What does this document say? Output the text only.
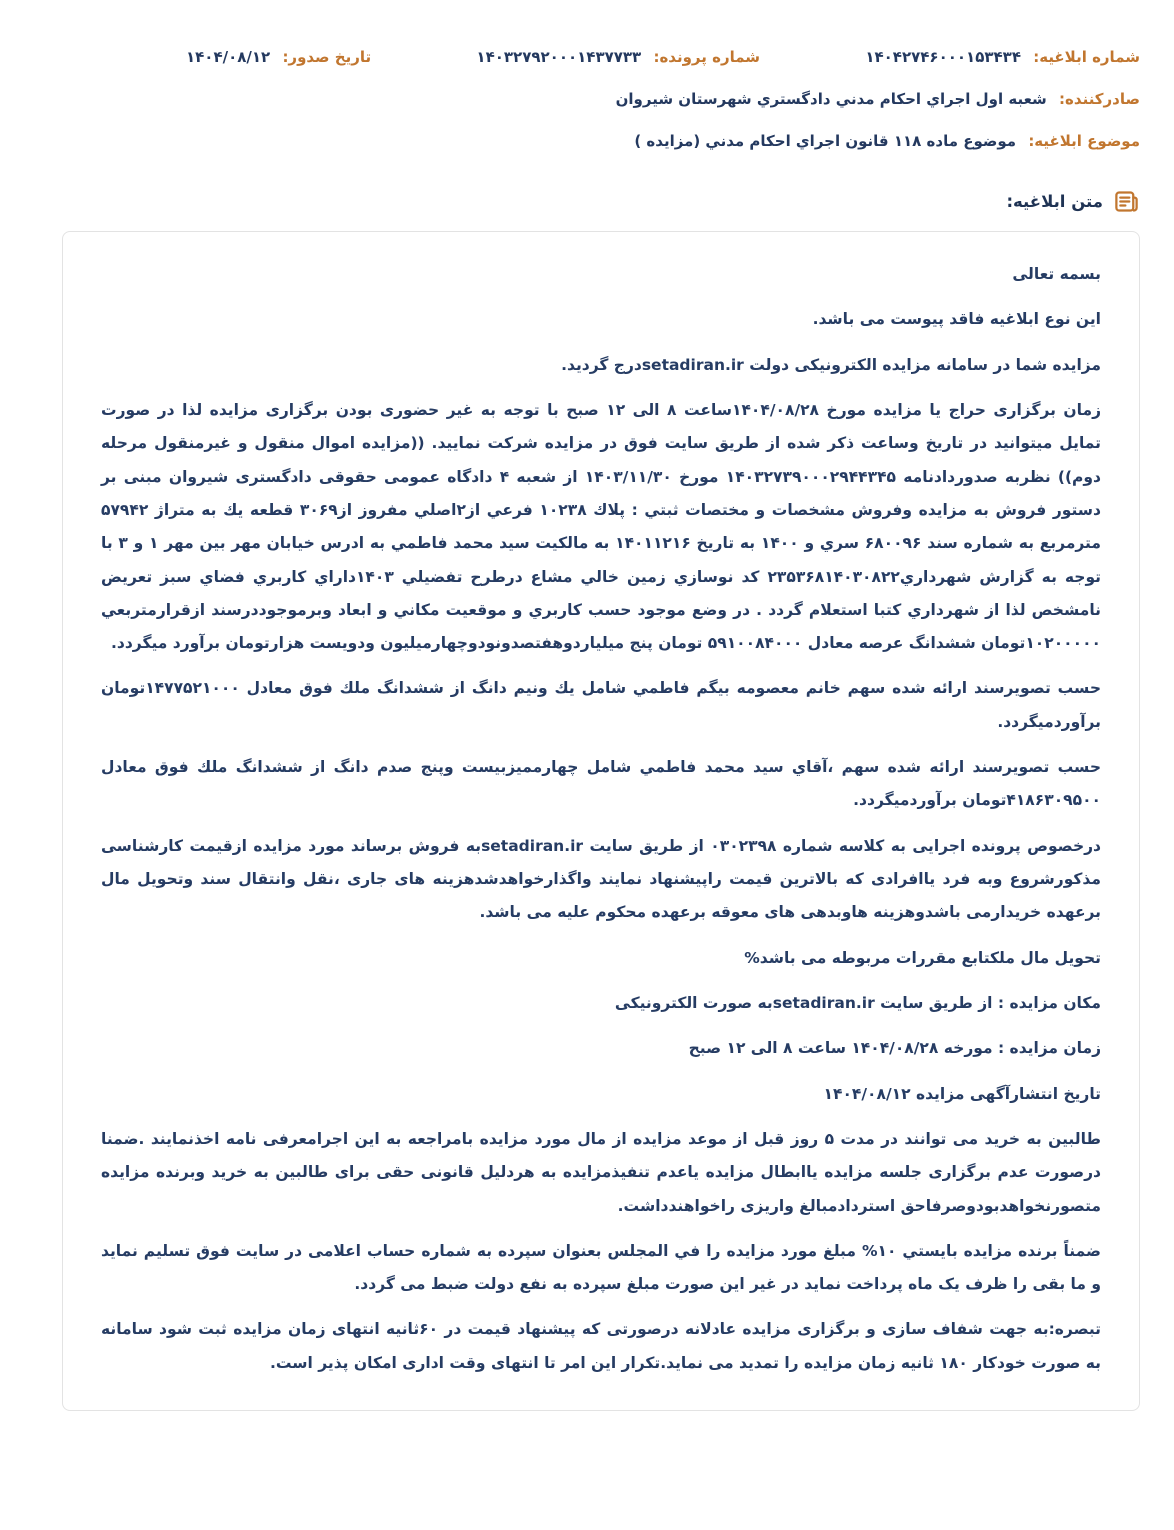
شماره ابلاغیه: ۱۴۰۴۲۷۴۶۰۰۰۱۵۳۴۳۴
شماره پرونده: ۱۴۰۳۲۷۹۲۰۰۰۱۴۳۷۷۳۳
تاریخ صدور: ۱۴۰۴/۰۸/۱۲
صادرکننده: شعبه اول اجراي احکام مدني دادگستري شهرستان شیروان
موضوع ابلاغیه: موضوع ماده ۱۱۸ قانون اجراي احکام مدني (مزایده )
متن ابلاغیه:

بسمه تعالی

این نوع ابلاغیه فاقد پیوست می باشد.

مزایده شما در سامانه مزایده الکترونیکی دولت setadiran.irدرج گردید.

زمان برگزاری حراج یا مزایده مورخ ۱۴۰۴/۰۸/۲۸ساعت ۸ الی ۱۲ صبح با توجه به غیر حضوری بودن برگزاری مزایده لذا در صورت تمایل میتوانید در تاریخ وساعت ذکر شده از طریق سایت فوق در مزایده شرکت نمایید. ((مزایده اموال منقول و غیرمنقول مرحله دوم)) نظربه صدوردادنامه ۱۴۰۳۲۷۳۹۰۰۰۲۹۴۴۳۴۵ مورخ ۱۴۰۳/۱۱/۳۰ از شعبه ۴ دادگاه عمومی حقوقی دادگستری شیروان مبنی بر دستور فروش به مزایده وفروش مشخصات و مختصات ثبتي : پلاك ۱۰۲۳۸ فرعي از۲اصلي مفروز از۳۰۶۹ قطعه یك به متراژ ۵۷۹۴۲ مترمربع به شماره سند ۶۸۰۰۹۶ سري و ۱۴۰۰ به تاریخ ۱۴۰۱۱۲۱۶ به مالکیت سید محمد فاطمي به ادرس خیابان مهر بین مهر ۱ و ۳ با توجه به گزارش شهرداري۲۳۵۳۶۸۱۴۰۳۰۸۲۲ کد نوسازي زمین خالي مشاع درطرح تفضیلي ۱۴۰۳داراي کاربري فضاي سبز تعریض نامشخص لذا از شهرداري کتبا استعلام گردد . در وضع موجود حسب کاربري و موقعیت مکاني و ابعاد وبرموجوددرسند ازقرارمتربعي ۱۰۲۰۰۰۰۰تومان ششدانگ عرصه معادل ۵۹۱۰۰۸۴۰۰۰ تومان پنج میلیاردوهفتصدونودوچهارمیلیون ودویست هزارتومان برآورد میگردد.

حسب تصویرسند ارائه شده سهم خانم معصومه بیگم فاطمي شامل یك ونیم دانگ از ششدانگ ملك فوق معادل ۱۴۷۷۵۲۱۰۰۰تومان برآوردمیگردد.

حسب تصویرسند ارائه شده سهم ،آقاي سید محمد فاطمي شامل چهارممیزبیست وپنج صدم دانگ از ششدانگ ملك فوق معادل ۴۱۸۶۳۰۹۵۰۰تومان برآوردمیگردد.

درخصوص پرونده اجرایی به کلاسه شماره ۰۳۰۲۳۹۸ از طریق سایت setadiran.irبه فروش برساند مورد مزایده ازقیمت کارشناسی مذکورشروع وبه فرد یاافرادی که بالاترین قیمت راپیشنهاد نمایند واگذارخواهدشدهزینه های جاری ،نقل وانتقال سند وتحویل مال برعهده خریدارمی باشدوهزینه هاوبدهی های معوقه برعهده محکوم علیه می باشد.

تحویل مال ملکتابع مقررات مربوطه می باشد%

مکان مزایده : از طریق سایت setadiran.irبه صورت الکترونیکی

زمان مزایده : مورخه ۱۴۰۴/۰۸/۲۸ ساعت ۸ الی ۱۲ صبح

تاریخ انتشارآگهی مزایده ۱۴۰۴/۰۸/۱۲

طالبین به خرید می توانند در مدت ۵ روز قبل از موعد مزایده از مال مورد مزایده بامراجعه به این اجرامعرفی نامه اخذنمایند .ضمنا درصورت عدم برگزاری جلسه مزایده یاابطال مزایده یاعدم تنفیذمزایده به هردلیل قانونی حقی برای طالبین به خرید وبرنده مزایده متصورنخواهدبودوصرفاحق استردادمبالغ واریزی راخواهندداشت.

ضمناً برنده مزایده بایستي ۱۰% مبلغ مورد مزایده را في المجلس بعنوان سپرده به شماره حساب اعلامی در سایت فوق تسلیم نماید و ما بقی را ظرف یک ماه پرداخت نماید در غیر این صورت مبلغ سپرده به نفع دولت ضبط می گردد.

تبصره:به جهت شفاف سازی و برگزاری مزایده عادلانه درصورتی که پیشنهاد قیمت در ۶۰ثانیه انتهای زمان مزایده ثبت شود سامانه به صورت خودکار ۱۸۰ ثانیه زمان مزایده را تمدید می نماید.تکرار این امر تا انتهای وقت اداری امکان پذیر است.
